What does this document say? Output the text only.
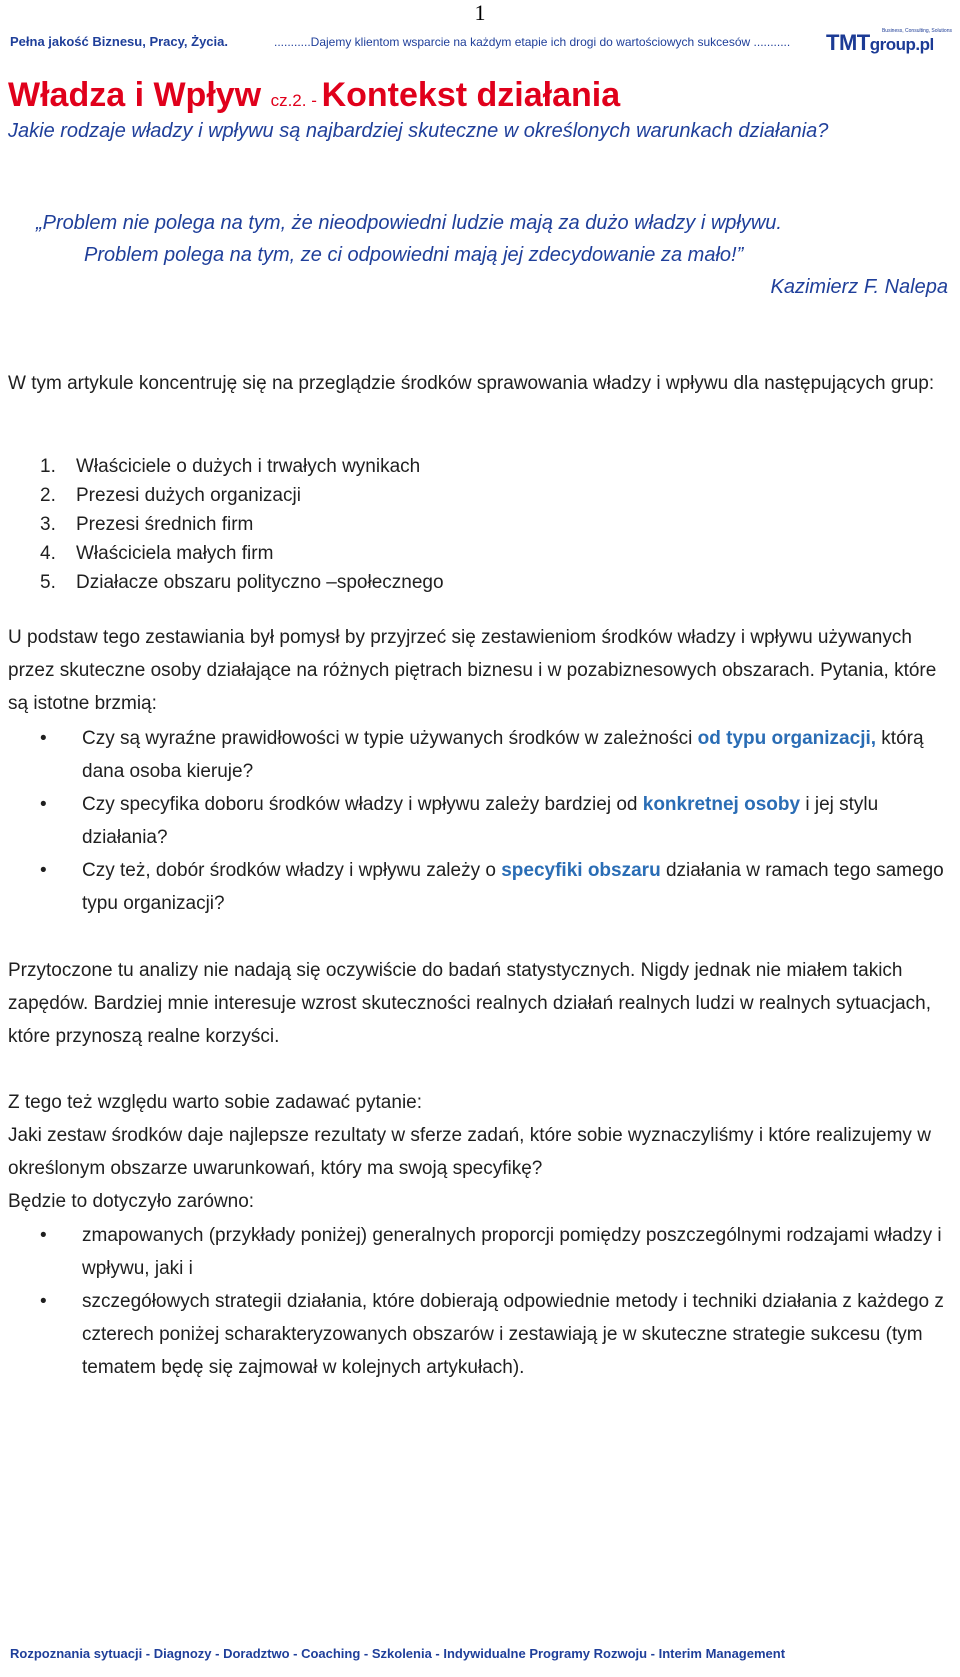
1
Pełna jakość Biznesu, Pracy, Życia.	...........Dajemy klientom wsparcie na każdym etapie ich drogi do wartościowych sukcesów ...........
Business, Consulting, Solutions
TMTgroup.pl
Władza i Wpływ cz.2. - Kontekst działania
Jakie rodzaje władzy i wpływu są najbardziej skuteczne w określonych warunkach działania?
„Problem nie polega na tym, że nieodpowiedni ludzie mają za dużo władzy i wpływu.
Problem polega na tym, ze ci odpowiedni mają jej zdecydowanie za mało!”
Kazimierz F. Nalepa
W tym artykule koncentruję się na przeglądzie środków sprawowania władzy i wpływu dla następujących grup:
1. Właściciele o dużych i trwałych wynikach
2. Prezesi dużych organizacji
3. Prezesi średnich firm
4. Właściciela małych firm
5. Działacze obszaru polityczno –społecznego
U podstaw tego zestawiania był pomysł by przyjrzeć się zestawieniom środków władzy i wpływu używanych przez skuteczne osoby działające na różnych piętrach biznesu i w pozabiznesowych obszarach. Pytania, które są istotne brzmią:
• Czy są wyraźne prawidłowości w typie używanych środków w zależności od typu organizacji, którą dana osoba kieruje?
• Czy specyfika doboru środków władzy i wpływu zależy bardziej od konkretnej osoby i jej stylu działania?
• Czy też, dobór środków władzy i wpływu zależy o specyfiki obszaru działania w ramach tego samego typu organizacji?
Przytoczone tu analizy nie nadają się oczywiście do badań statystycznych. Nigdy jednak nie miałem takich zapędów. Bardziej mnie interesuje wzrost skuteczności realnych działań realnych ludzi w realnych sytuacjach, które przynoszą realne korzyści.
Z tego też względu warto sobie zadawać pytanie:
Jaki zestaw środków daje najlepsze rezultaty w sferze zadań, które sobie wyznaczyliśmy i które realizujemy w określonym obszarze uwarunkowań, który ma swoją specyfikę?
Będzie to dotyczyło zarówno:
• zmapowanych (przykłady poniżej) generalnych proporcji pomiędzy poszczególnymi rodzajami władzy i wpływu, jaki i
• szczegółowych strategii działania, które dobierają odpowiednie metody i techniki działania z każdego z czterech poniżej scharakteryzowanych obszarów i zestawiają je w skuteczne strategie sukcesu (tym tematem będę się zajmował w kolejnych artykułach).
Rozpoznania sytuacji - Diagnozy - Doradztwo - Coaching - Szkolenia - Indywidualne Programy Rozwoju - Interim Management
